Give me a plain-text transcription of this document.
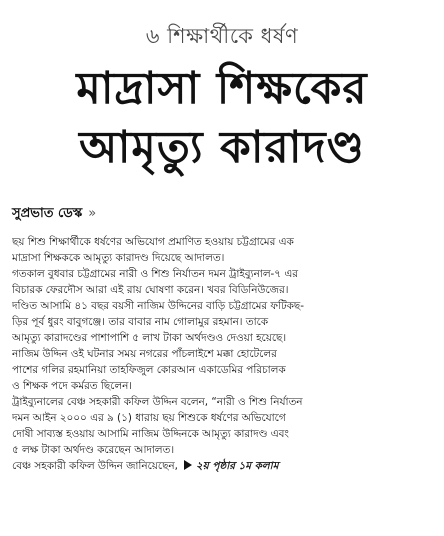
৬ শিক্ষার্থীকে ধর্ষণ
মাদ্রাসা শিক্ষকের
আমৃত্যু কারাদণ্ড
সুপ্রভাত ডেস্ক »
ছয় শিশু শিক্ষার্থীকে ধর্ষণের অভিযোগ প্রমাণিত হওয়ায় চট্টগ্রামের এক
মাদ্রাসা শিক্ষককে আমৃত্যু কারাদণ্ড দিয়েছে আদালত।
গতকাল বুধবার চট্টগ্রামের নারী ও শিশু নির্যাতন দমন ট্রাইব্যুনাল-৭ এর
বিচারক ফেরদৌস আরা এই রায় ঘোষণা করেন। খবর বিডিনিউজের।
দণ্ডিত আসামি ৪১ বছর বয়সী নাজিম উদ্দিনের বাড়ি চট্টগ্রামের ফটিকছ-
ড়ির পূর্ব ধুরং বাবুগঞ্জে। তার বাবার নাম গোলামুর রহমান। তাকে
আমৃত্যু কারাদণ্ডের পাশাপাশি ৫ লাখ টাকা অর্থদণ্ডও দেওয়া হয়েছে।
নাজিম উদ্দিন ওই ঘটনার সময় নগরের পাঁচলাইশে মক্কা হোটেলের
পাশের গলির রহমানিয়া তাহফিজুল কোরআন একাডেমির পরিচালক
ও শিক্ষক পদে কর্মরত ছিলেন।
ট্রাইব্যুনালের বেঞ্চ সহকারী কফিল উদ্দিন বলেন, “নারী ও শিশু নির্যাতন
দমন আইন ২০০০ এর ৯ (১) ধারায় ছয় শিশুকে ধর্ষণের অভিযোগে
দোষী সাব্যস্ত হওয়ায় আসামি নাজিম উদ্দিনকে আমৃত্যু কারাদণ্ড এবং
৫ লক্ষ টাকা অর্থদণ্ড করেছেন আদালত।
বেঞ্চ সহকারী কফিল উদ্দিন জানিয়েছেন, ২য় পৃষ্ঠার ১ম কলাম
